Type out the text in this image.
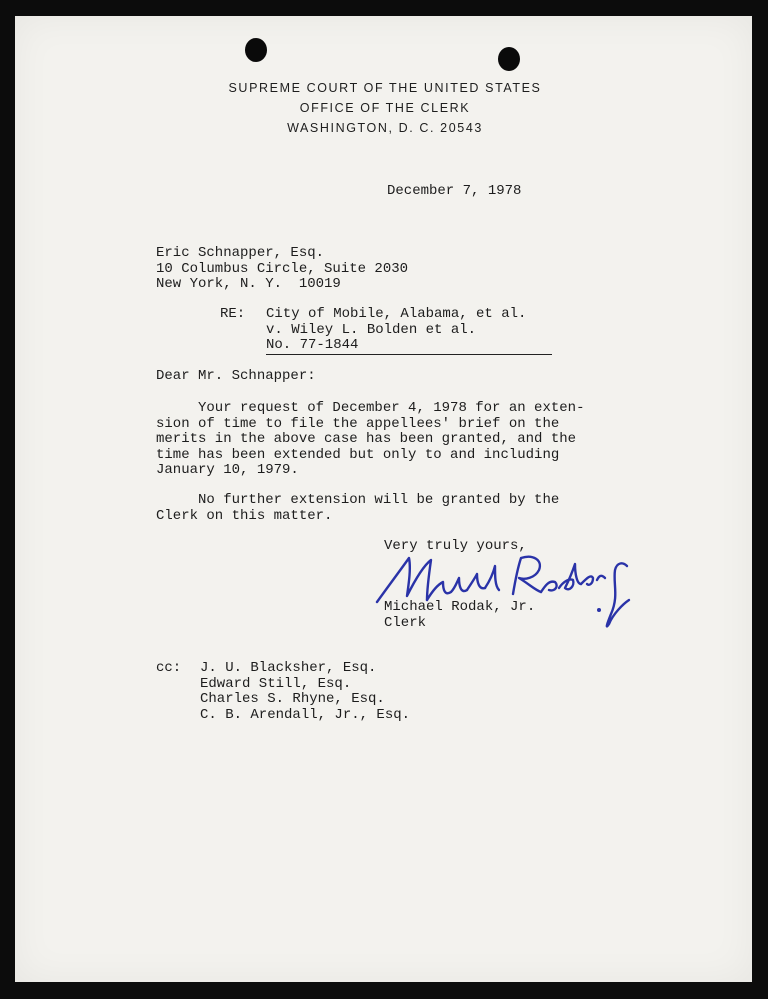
SUPREME COURT OF THE UNITED STATES
OFFICE OF THE CLERK
WASHINGTON, D. C. 20543
December 7, 1978
Eric Schnapper, Esq.
10 Columbus Circle, Suite 2030
New York, N. Y.  10019
RE: City of Mobile, Alabama, et al.
v. Wiley L. Bolden et al.
No. 77-1844
Dear Mr. Schnapper:
Your request of December 4, 1978 for an exten-
sion of time to file the appellees' brief on the
merits in the above case has been granted, and the
time has been extended but only to and including
January 10, 1979.
No further extension will be granted by the
Clerk on this matter.
Very truly yours,
Michael Rodak, Jr.
Clerk
Michael Rodak Jr
cc: J. U. Blacksher, Esq.
Edward Still, Esq.
Charles S. Rhyne, Esq.
C. B. Arendall, Jr., Esq.
